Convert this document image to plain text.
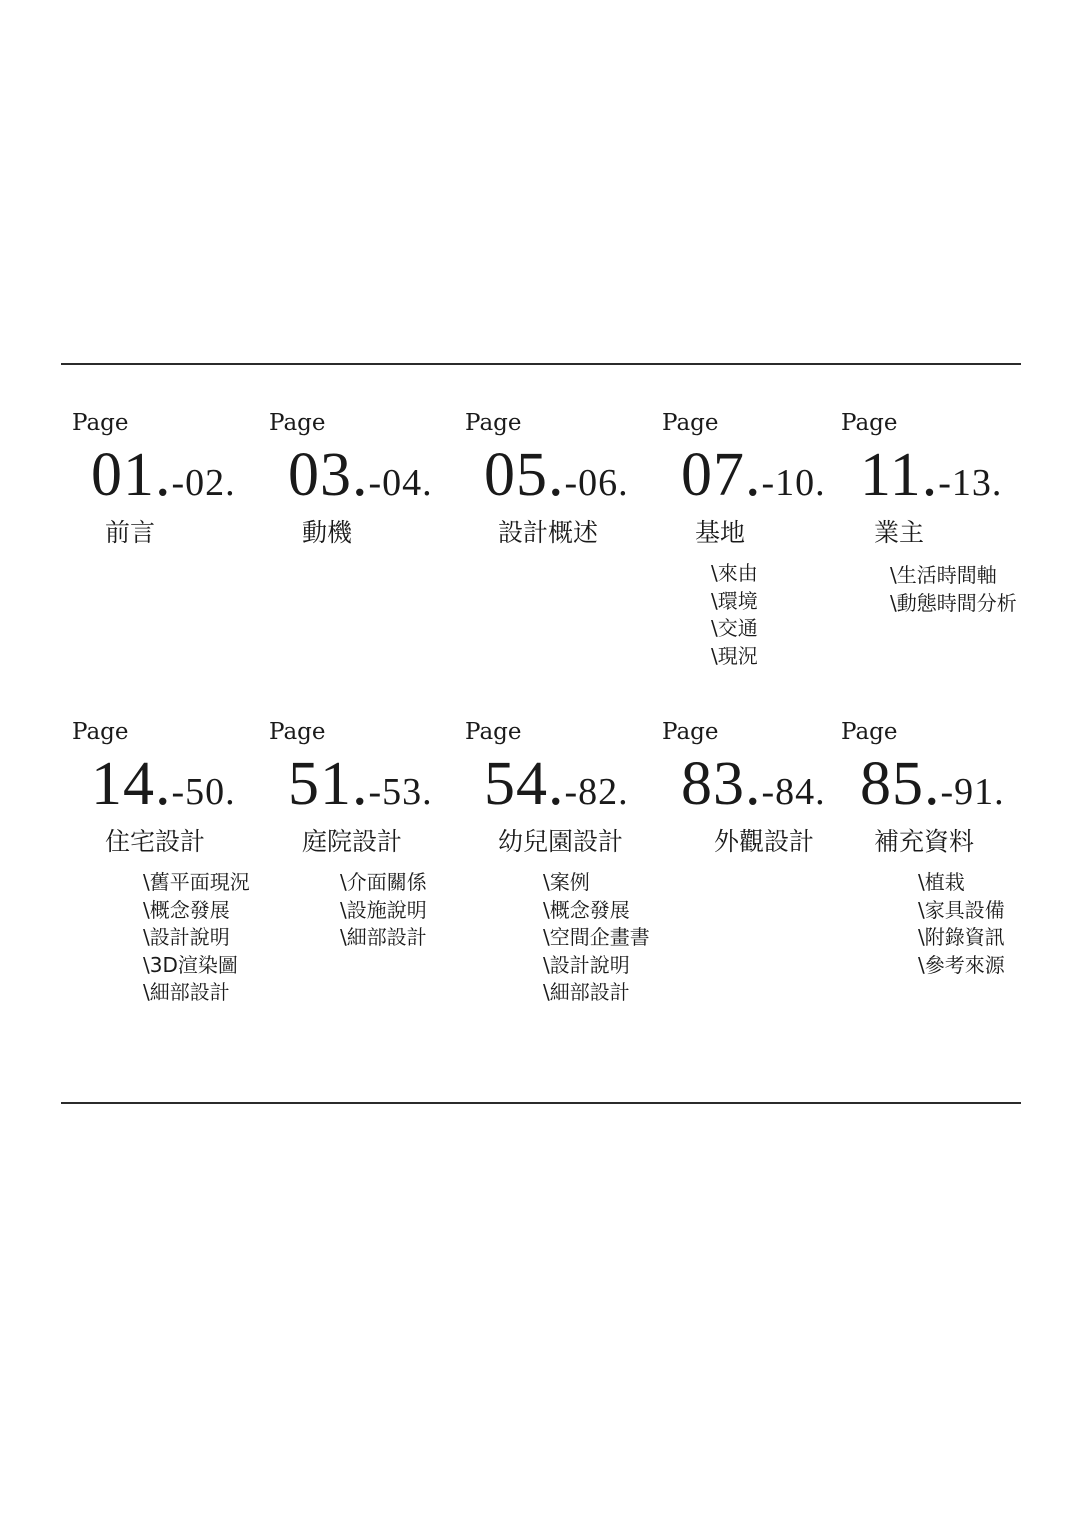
Page
01.-02.
前言
Page
03.-04.
動機
Page
05.-06.
設計概述
Page
07.-10.
基地
\來由
\環境
\交通
\現況
Page
11.-13.
業主
\生活時間軸
\動態時間分析
Page
14.-50.
住宅設計
\舊平面現況
\概念發展
\設計說明
\3D渲染圖
\細部設計
Page
51.-53.
庭院設計
\介面關係
\設施說明
\細部設計
Page
54.-82.
幼兒園設計
\案例
\概念發展
\空間企畫書
\設計說明
\細部設計
Page
83.-84.
外觀設計
Page
85.-91.
補充資料
\植栽
\家具設備
\附錄資訊
\參考來源
